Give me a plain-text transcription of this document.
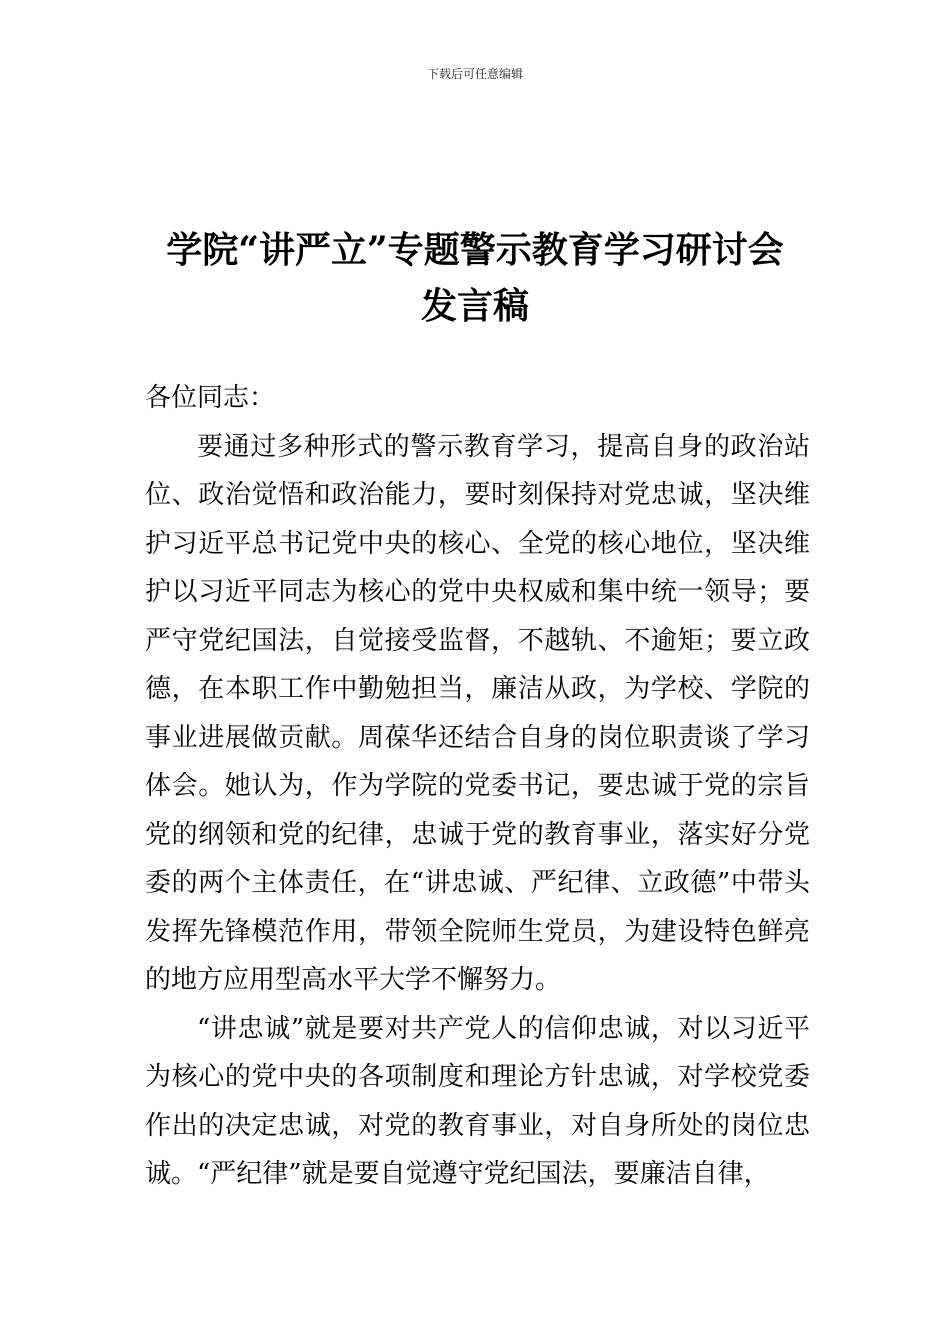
下载后可任意编辑
学院“讲严立”专题警示教育学习研讨会
发言稿

各位同志：

要通过多种形式的警示教育学习，提高自身的政治站位、政治觉悟和政治能力，要时刻保持对党忠诚，坚决维护习近平总书记党中央的核心、全党的核心地位，坚决维护以习近平同志为核心的党中央权威和集中统一领导；要严守党纪国法，自觉接受监督，不越轨、不逾矩；要立政德，在本职工作中勤勉担当，廉洁从政，为学校、学院的事业进展做贡献。周葆华还结合自身的岗位职责谈了学习体会。她认为，作为学院的党委书记，要忠诚于党的宗旨党的纲领和党的纪律，忠诚于党的教育事业，落实好分党委的两个主体责任，在“讲忠诚、严纪律、立政德”中带头发挥先锋模范作用，带领全院师生党员，为建设特色鲜亮的地方应用型高水平大学不懈努力。

“讲忠诚”就是要对共产党人的信仰忠诚，对以习近平为核心的党中央的各项制度和理论方针忠诚，对学校党委作出的决定忠诚，对党的教育事业，对自身所处的岗位忠诚。“严纪律”就是要自觉遵守党纪国法，要廉洁自律，
